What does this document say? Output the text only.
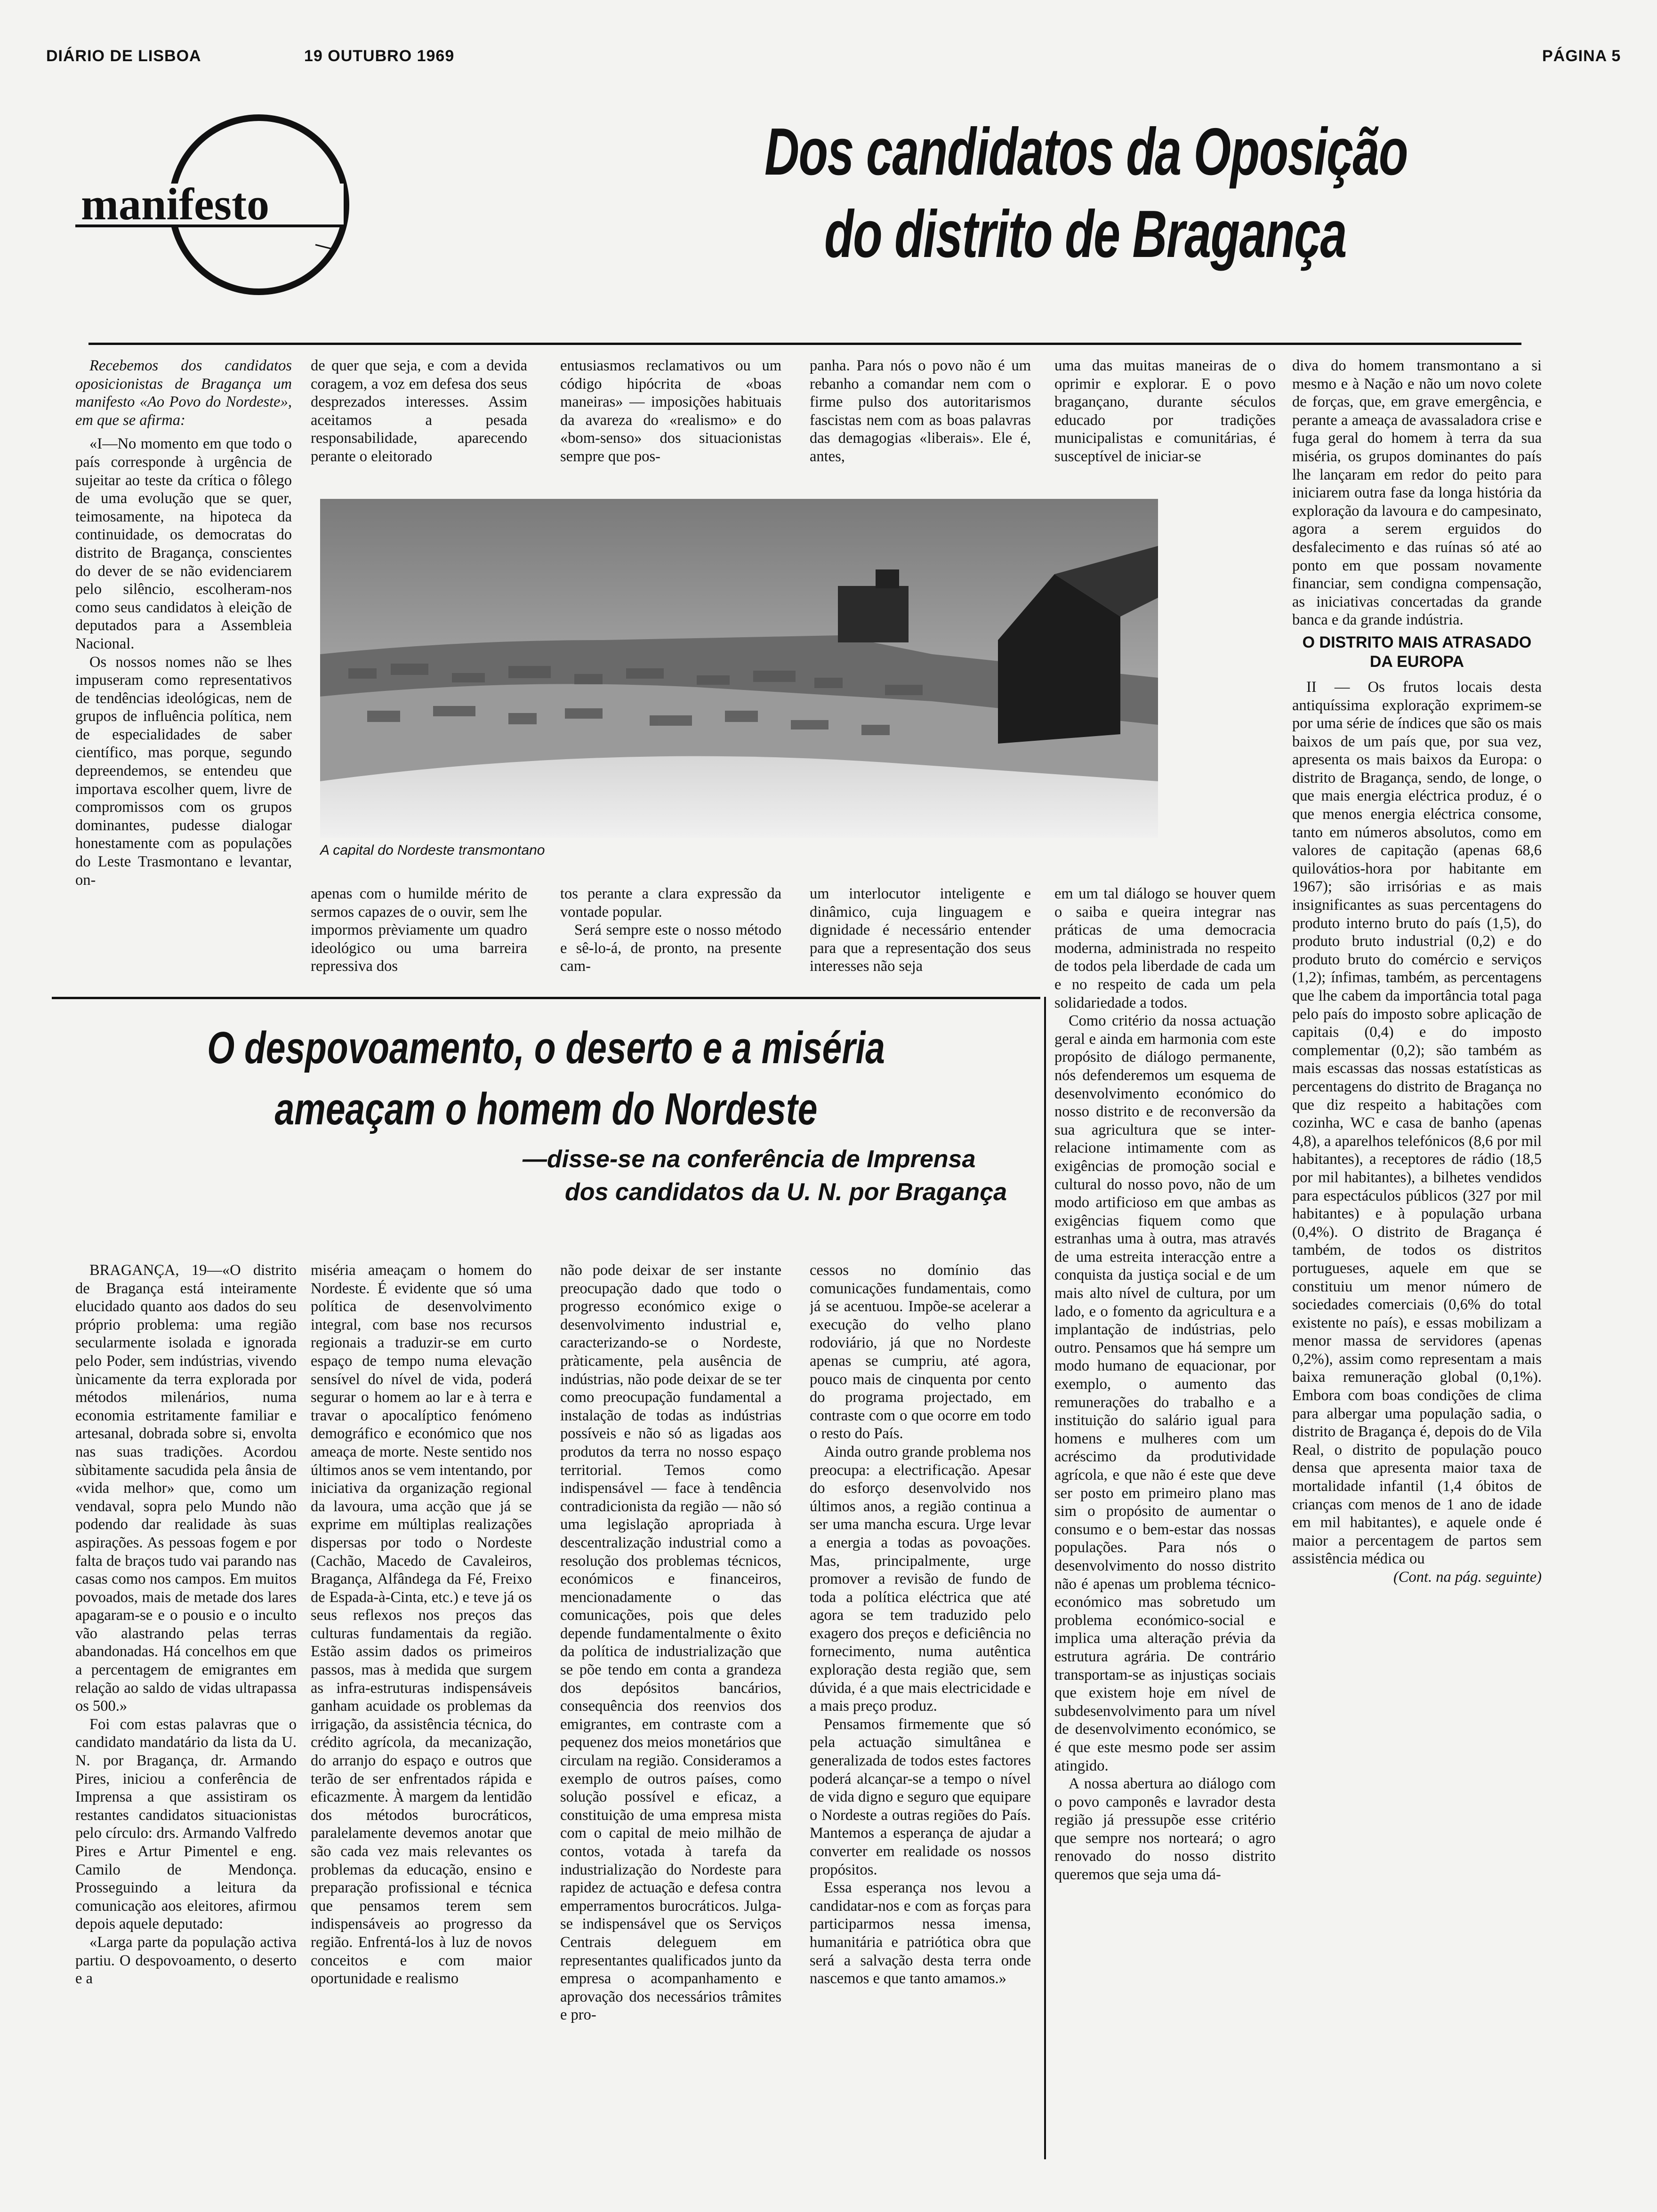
DIÁRIO DE LISBOA	19 OUTUBRO 1969	PÁGINA 5
manifesto
Dos candidatos da Oposição
do distrito de Bragança

Recebemos dos candidatos oposicionistas de Bragança um manifesto «Ao Povo do Nordeste», em que se afirma:

«I—No momento em que todo o país corresponde à urgência de sujeitar ao teste da crítica o fôlego de uma evolução que se quer, teimosamente, na hipoteca da continuidade, os democratas do distrito de Bragança, conscientes do dever de se não evidenciarem pelo silêncio, escolheram-nos como seus candidatos à eleição de deputados para a Assembleia Nacional.

Os nossos nomes não se lhes impuseram como representativos de tendências ideológicas, nem de grupos de influência política, nem de especialidades de saber científico, mas porque, segundo depreendemos, se entendeu que importava escolher quem, livre de compromissos com os grupos dominantes, pudesse dialogar honestamente com as populações do Leste Trasmontano e levantar, on-

de quer que seja, e com a devida coragem, a voz em defesa dos seus desprezados interesses. Assim aceitamos a pesada responsabilidade, aparecendo perante o eleitorado

entusiasmos reclamativos ou um código hipócrita de «boas maneiras» — imposições habituais da avareza do «realismo» e do «bom-senso» dos situacionistas sempre que pos-

panha. Para nós o povo não é um rebanho a comandar nem com o firme pulso dos autoritarismos fascistas nem com as boas palavras das demagogias «liberais». Ele é, antes,

uma das muitas maneiras de o oprimir e explorar. E o povo bragançano, durante séculos educado por tradições municipalistas e comunitárias, é susceptível de iniciar-se

A capital do Nordeste transmontano

apenas com o humilde mérito de sermos capazes de o ouvir, sem lhe impormos prèviamente um quadro ideológico ou uma barreira repressiva dos

tos perante a clara expressão da vontade popular.

Será sempre este o nosso método e sê-lo-á, de pronto, na presente cam-

um interlocutor inteligente e dinâmico, cuja linguagem e dignidade é necessário entender para que a representação dos seus interesses não seja

em um tal diálogo se houver quem o saiba e queira integrar nas práticas de uma democracia moderna, administrada no respeito de todos pela liberdade de cada um e no respeito de cada um pela solidariedade a todos.

Como critério da nossa actuação geral e ainda em harmonia com este propósito de diálogo permanente, nós defenderemos um esquema de desenvolvimento económico do nosso distrito e de reconversão da sua agricultura que se inter-relacione intimamente com as exigências de promoção social e cultural do nosso povo, não de um modo artificioso em que ambas as exigências fiquem como que estranhas uma à outra, mas através de uma estreita interacção entre a conquista da justiça social e de um mais alto nível de cultura, por um lado, e o fomento da agricultura e a implantação de indústrias, pelo outro. Pensamos que há sempre um modo humano de equacionar, por exemplo, o aumento das remunerações do trabalho e a instituição do salário igual para homens e mulheres com um acréscimo da produtividade agrícola, e que não é este que deve ser posto em primeiro plano mas sim o propósito de aumentar o consumo e o bem-estar das nossas populações. Para nós o desenvolvimento do nosso distrito não é apenas um problema técnico-económico mas sobretudo um problema económico-social e implica uma alteração prévia da estrutura agrária. De contrário transportam-se as injustiças sociais que existem hoje em nível de subdesenvolvimento para um nível de desenvolvimento económico, se é que este mesmo pode ser assim atingido.

A nossa abertura ao diálogo com o povo camponês e lavrador desta região já pressupõe esse critério que sempre nos norteará; o agro renovado do nosso distrito queremos que seja uma dá-

diva do homem transmontano a si mesmo e à Nação e não um novo colete de forças, que, em grave emergência, e perante a ameaça de avassaladora crise e fuga geral do homem à terra da sua miséria, os grupos dominantes do país lhe lançaram em redor do peito para iniciarem outra fase da longa história da exploração da lavoura e do campesinato, agora a serem erguidos do desfalecimento e das ruínas só até ao ponto em que possam novamente financiar, sem condigna compensação, as iniciativas concertadas da grande banca e da grande indústria.

O DISTRITO MAIS ATRASADO DA EUROPA

II — Os frutos locais desta antiquíssima exploração exprimem-se por uma série de índices que são os mais baixos de um país que, por sua vez, apresenta os mais baixos da Europa: o distrito de Bragança, sendo, de longe, o que mais energia eléctrica produz, é o que menos energia eléctrica consome, tanto em números absolutos, como em valores de capitação (apenas 68,6 quilovátios-hora por habitante em 1967); são irrisórias e as mais insignificantes as suas percentagens do produto interno bruto do país (1,5), do produto bruto industrial (0,2) e do produto bruto do comércio e serviços (1,2); ínfimas, também, as percentagens que lhe cabem da importância total paga pelo país do imposto sobre aplicação de capitais (0,4) e do imposto complementar (0,2); são também as mais escassas das nossas estatísticas as percentagens do distrito de Bragança no que diz respeito a habitações com cozinha, WC e casa de banho (apenas 4,8), a aparelhos telefónicos (8,6 por mil habitantes), a receptores de rádio (18,5 por mil habitantes), a bilhetes vendidos para espectáculos públicos (327 por mil habitantes) e à população urbana (0,4%). O distrito de Bragança é também, de todos os distritos portugueses, aquele em que se constituiu um menor número de sociedades comerciais (0,6% do total existente no país), e essas mobilizam a menor massa de servidores (apenas 0,2%), assim como representam a mais baixa remuneração global (0,1%). Embora com boas condições de clima para albergar uma população sadia, o distrito de Bragança é, depois do de Vila Real, o distrito de população pouco densa que apresenta maior taxa de mortalidade infantil (1,4 óbitos de crianças com menos de 1 ano de idade em mil habitantes), e aquele onde é maior a percentagem de partos sem assistência médica ou

(Cont. na pág. seguinte)

O despovoamento, o deserto e a miséria
ameaçam o homem do Nordeste
—disse-se na conferência de Imprensa
dos candidatos da U. N. por Bragança

BRAGANÇA, 19—«O distrito de Bragança está inteiramente elucidado quanto aos dados do seu próprio problema: uma região secularmente isolada e ignorada pelo Poder, sem indústrias, vivendo ùnicamente da terra explorada por métodos milenários, numa economia estritamente familiar e artesanal, dobrada sobre si, envolta nas suas tradições. Acordou sùbitamente sacudida pela ânsia de «vida melhor» que, como um vendaval, sopra pelo Mundo não podendo dar realidade às suas aspirações. As pessoas fogem e por falta de braços tudo vai parando nas casas como nos campos. Em muitos povoados, mais de metade dos lares apagaram-se e o pousio e o inculto vão alastrando pelas terras abandonadas. Há concelhos em que a percentagem de emigrantes em relação ao saldo de vidas ultrapassa os 500.»

Foi com estas palavras que o candidato mandatário da lista da U. N. por Bragança, dr. Armando Pires, iniciou a conferência de Imprensa a que assistiram os restantes candidatos situacionistas pelo círculo: drs. Armando Valfredo Pires e Artur Pimentel e eng. Camilo de Mendonça. Prosseguindo a leitura da comunicação aos eleitores, afirmou depois aquele deputado:

«Larga parte da população activa partiu. O despovoamento, o deserto e a

miséria ameaçam o homem do Nordeste. É evidente que só uma política de desenvolvimento integral, com base nos recursos regionais a traduzir-se em curto espaço de tempo numa elevação sensível do nível de vida, poderá segurar o homem ao lar e à terra e travar o apocalíptico fenómeno demográfico e económico que nos ameaça de morte. Neste sentido nos últimos anos se vem intentando, por iniciativa da organização regional da lavoura, uma acção que já se exprime em múltiplas realizações dispersas por todo o Nordeste (Cachão, Macedo de Cavaleiros, Bragança, Alfândega da Fé, Freixo de Espada-à-Cinta, etc.) e teve já os seus reflexos nos preços das culturas fundamentais da região. Estão assim dados os primeiros passos, mas à medida que surgem as infra-estruturas indispensáveis ganham acuidade os problemas da irrigação, da assistência técnica, do crédito agrícola, da mecanização, do arranjo do espaço e outros que terão de ser enfrentados rápida e eficazmente. À margem da lentidão dos métodos burocráticos, paralelamente devemos anotar que são cada vez mais relevantes os problemas da educação, ensino e preparação profissional e técnica que pensamos terem sem indispensáveis ao progresso da região. Enfrentá-los à luz de novos conceitos e com maior oportunidade e realismo

não pode deixar de ser instante preocupação dado que todo o progresso económico exige o desenvolvimento industrial e, caracterizando-se o Nordeste, pràticamente, pela ausência de indústrias, não pode deixar de se ter como preocupação fundamental a instalação de todas as indústrias possíveis e não só as ligadas aos produtos da terra no nosso espaço territorial. Temos como indispensável — face à tendência contradicionista da região — não só uma legislação apropriada à descentralização industrial como a resolução dos problemas técnicos, económicos e financeiros, mencionadamente o das comunicações, pois que deles depende fundamentalmente o êxito da política de industrialização que se põe tendo em conta a grandeza dos depósitos bancários, consequência dos reenvios dos emigrantes, em contraste com a pequenez dos meios monetários que circulam na região. Consideramos a exemplo de outros países, como solução possível e eficaz, a constituição de uma empresa mista com o capital de meio milhão de contos, votada à tarefa da industrialização do Nordeste para rapidez de actuação e defesa contra emperramentos burocráticos. Julga-se indispensável que os Serviços Centrais deleguem em representantes qualificados junto da empresa o acompanhamento e aprovação dos necessários trâmites e pro-

cessos no domínio das comunicações fundamentais, como já se acentuou. Impõe-se acelerar a execução do velho plano rodoviário, já que no Nordeste apenas se cumpriu, até agora, pouco mais de cinquenta por cento do programa projectado, em contraste com o que ocorre em todo o resto do País.

Ainda outro grande problema nos preocupa: a electrificação. Apesar do esforço desenvolvido nos últimos anos, a região continua a ser uma mancha escura. Urge levar a energia a todas as povoações. Mas, principalmente, urge promover a revisão de fundo de toda a política eléctrica que até agora se tem traduzido pelo exagero dos preços e deficiência no fornecimento, numa autêntica exploração desta região que, sem dúvida, é a que mais electricidade e a mais preço produz.

Pensamos firmemente que só pela actuação simultânea e generalizada de todos estes factores poderá alcançar-se a tempo o nível de vida digno e seguro que equipare o Nordeste a outras regiões do País. Mantemos a esperança de ajudar a converter em realidade os nossos propósitos.

Essa esperança nos levou a candidatar-nos e com as forças para participarmos nessa imensa, humanitária e patriótica obra que será a salvação desta terra onde nascemos e que tanto amamos.»
